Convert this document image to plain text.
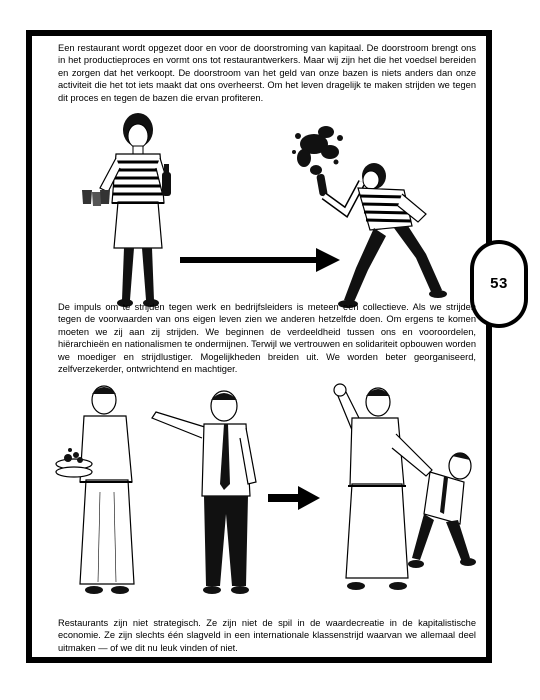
53

Een restaurant wordt opgezet door en voor de doorstroming van kapitaal. De doorstroom brengt ons in het productieproces en vormt ons tot restaurantwerkers. Maar wij zijn het die het voedsel bereiden en zorgen dat het verkoopt. De doorstroom van het geld van onze bazen is niets anders dan onze activiteit die het tot iets maakt dat ons overheerst. Om het leven dragelijk te maken strijden we tegen dit proces en tegen de bazen die ervan profiteren.

De impuls om te strijden tegen werk en bedrijfsleiders is meteen een collectieve. Als we strijden tegen de voorwaarden van ons eigen leven zien we anderen hetzelfde doen. Om ergens te komen moeten we zij aan zij strijden. We beginnen de verdeeldheid tussen ons en vooroordelen, hiërarchieën en nationalismen te ondermijnen. Terwijl we vertrouwen en solidariteit opbouwen worden we moediger en strijdlustiger. Mogelijkheden breiden uit. We worden beter georganiseerd, zelfverzekerder, ontwrichtend en machtiger.

Restaurants zijn niet strategisch. Ze zijn niet de spil in de waardecreatie in de kapitalistische economie. Ze zijn slechts één slagveld in een internationale klassenstrijd waarvan we allemaal deel uitmaken — of we dit nu leuk vinden of niet.
